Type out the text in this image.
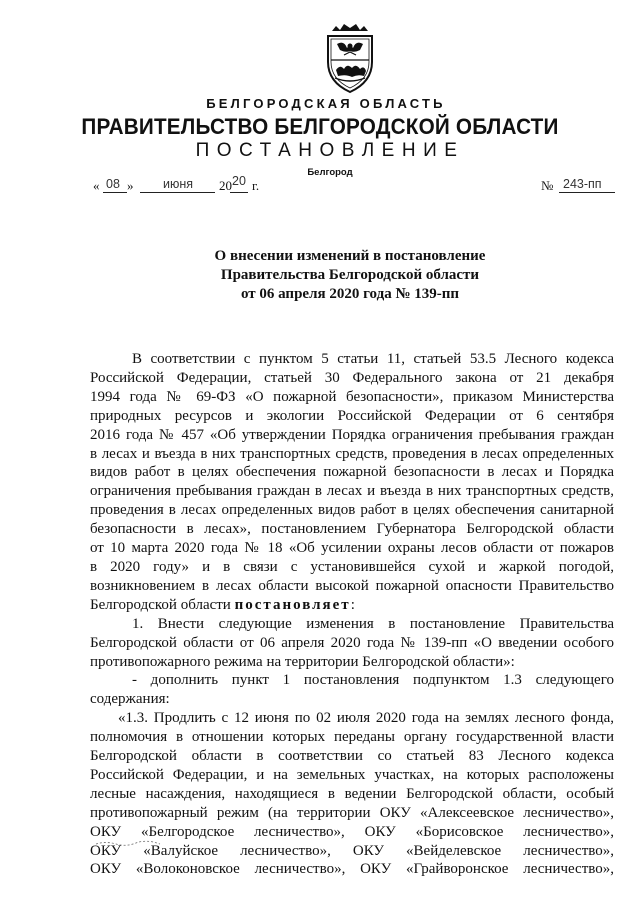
БЕЛГОРОДСКАЯ ОБЛАСТЬ
ПРАВИТЕЛЬСТВО БЕЛГОРОДСКОЙ ОБЛАСТИ
ПОСТАНОВЛЕНИЕ
Белгород
« 08 » июня 20 20 г.	№ 243-пп
О внесении изменений в постановление
Правительства Белгородской области
от 06 апреля 2020 года № 139-пп

В соответствии с пунктом 5 статьи 11, статьей 53.5 Лесного кодекса

Российской Федерации, статьей 30 Федерального закона от 21 декабря

1994 года № 69-ФЗ «О пожарной безопасности», приказом Министерства

природных ресурсов и экологии Российской Федерации от 6 сентября

2016 года № 457 «Об утверждении Порядка ограничения пребывания граждан

в лесах и въезда в них транспортных средств, проведения в лесах определенных

видов работ в целях обеспечения пожарной безопасности в лесах и Порядка

ограничения пребывания граждан в лесах и въезда в них транспортных средств,

проведения в лесах определенных видов работ в целях обеспечения санитарной

безопасности в лесах», постановлением Губернатора Белгородской области

от 10 марта 2020 года № 18 «Об усилении охраны лесов области от пожаров

в 2020 году» и в связи с установившейся сухой и жаркой погодой,

возникновением в лесах области высокой пожарной опасности Правительство

Белгородской области постановляет:

1. Внести следующие изменения в постановление Правительства

Белгородской области от 06 апреля 2020 года № 139-пп «О введении особого

противопожарного режима на территории Белгородской области»:

- дополнить пункт 1 постановления подпунктом 1.3 следующего

содержания:

«1.3. Продлить с 12 июня по 02 июля 2020 года на землях лесного фонда,

полномочия в отношении которых переданы органу государственной власти

Белгородской области в соответствии со статьей 83 Лесного кодекса

Российской Федерации, и на земельных участках, на которых расположены

лесные насаждения, находящиеся в ведении Белгородской области, особый

противопожарный режим (на территории ОКУ «Алексеевское лесничество»,

ОКУ «Белгородское лесничество», ОКУ «Борисовское лесничество»,

ОКУ «Валуйское лесничество», ОКУ «Вейделевское лесничество»,

ОКУ «Волоконовское лесничество», ОКУ «Грайворонское лесничество»,
